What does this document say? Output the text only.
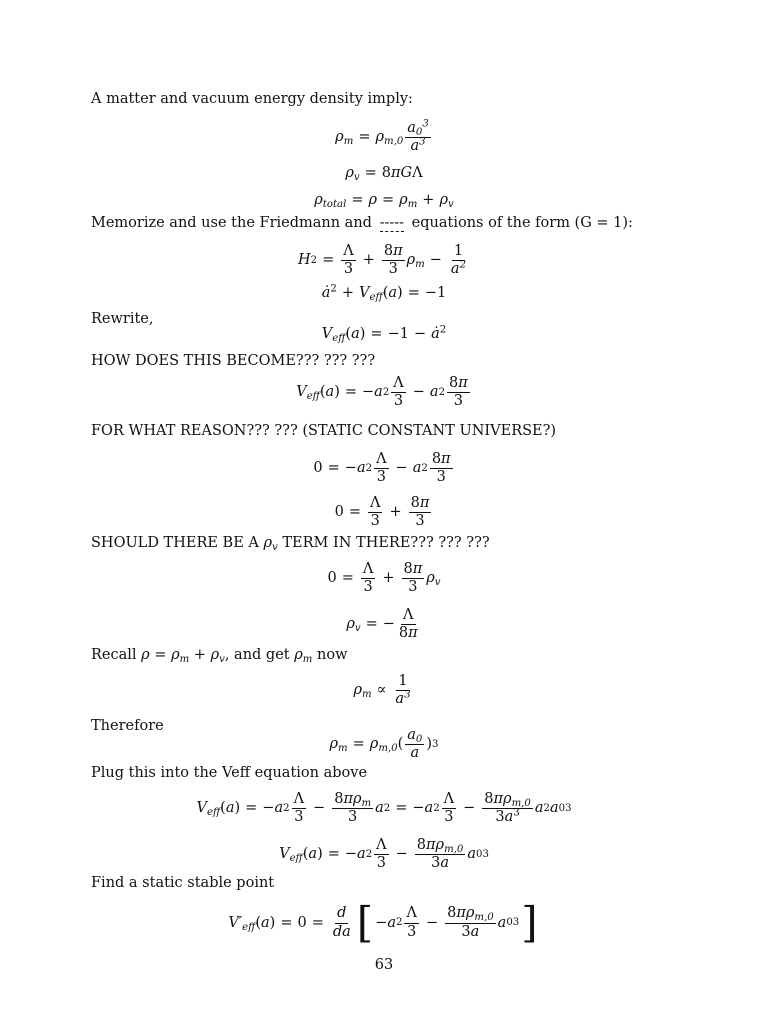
A matter and vacuum energy density imply:
$\rho_m = \rho_{m,0} \frac{a_0^3}{a^3}$
$\rho_v = 8\pi G\Lambda$
$\rho_{total} = \rho = \rho_m + \rho_v$
Memorize and use the Friedmann and ----- equations of the form (G = 1):
H $2 = \frac{\Lambda}{3} + \frac{8\pi}{3} \rho_m - \frac{1}{a^2}$
$ȧ^2 + V_{eff}(a) = -1$
Rewrite,
$V_{eff}(a) = -1$ − $ȧ^2$
HOW DOES THIS BECOME??? ??? ???
$V_{eff}$ ( a ) = − a $2 \frac{\Lambda}{3} - a$ $2 \frac{8\pi}{3}$
FOR WHAT REASON??? ??? (STATIC CONSTANT UNIVERSE?)
0 = − a $2 \frac{\Lambda}{3} - a$ $2 \frac{8\pi}{3}$
$0 = \frac{\Lambda}{3} + \frac{8\pi}{3}$
SHOULD THERE BE A $\rho_v$ TERM IN THERE??? ??? ???
$0 = \frac{\Lambda}{3} + \frac{8\pi}{3} \rho_v$
$\rho_v$ = − $\frac{\Lambda}{8\pi}$
Recall $\rho = \rho_m + \rho_v$, and get $\rho_m$ now
$\rho_m \propto \frac{1}{a^3}$
Therefore
$\rho_m = \rho_{m,0}$ ( $\frac{a_0}{a}$ ) 3
Plug this into the Veff equation above
$V_{eff}$ ( a ) = − a $2 \frac{\Lambda}{3} - \frac{8\pi\rho_m}{3}$ a 2 = − a $2 \frac{\Lambda}{3} - \frac{8\pi\rho_{m,0}}{3a^3}$ a 2 a 0 3
$V_{eff}$ ( a ) = − a $2 \frac{\Lambda}{3} - \frac{8\pi\rho_{m,0}}{3a}$ a 0 3
Find a static stable point
$V'_{eff}$ ( a ) = $0 = \frac{d}{da}$ [ − a $2 \frac{\Lambda}{3} - \frac{8\pi\rho_{m,0}}{3a}$ a 0 3 ]
63
